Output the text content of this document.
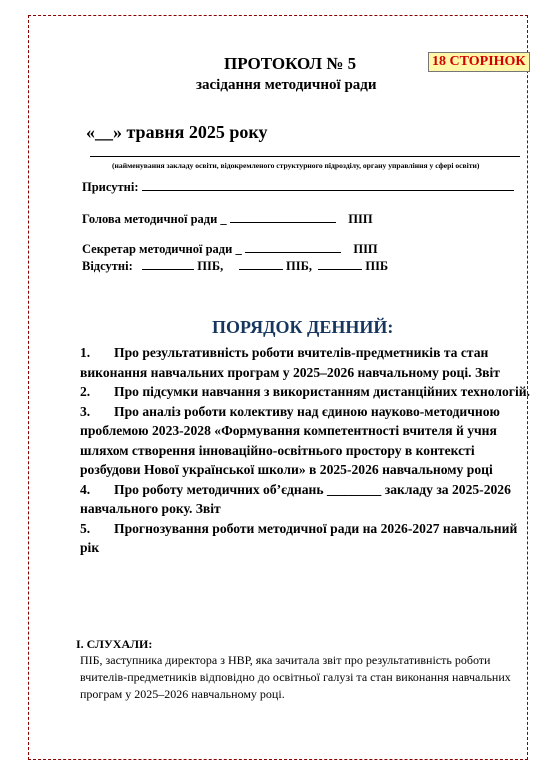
ПРОТОКОЛ № 5	18 СТОРІНОК
засідання методичної ради
«__» травня 2025 року
(найменування закладу освіти, відокремленого структурного підрозділу, органу управління у сфері освіти)
Присутні:
Голова методичної ради _	ПІП
Секретар методичної ради _	ПІП
Відсутні:	ПІБ,	ПІБ,	ПІБ
ПОРЯДОК ДЕННИЙ:

1. Про результативність роботи вчителів-предметників та стан виконання навчальних програм у 2025–2026 навчальному році. Звіт

2. Про підсумки навчання з використанням дистанційних технологій.

3. Про аналіз роботи колективу над єдиною науково-методичною проблемою 2023-2028 «Формування компетентності вчителя й учня шляхом створення інноваційно-освітнього простору в контексті розбудови Нової української школи» в 2025-2026 навчальному році

4. Про роботу методичних об’єднань ________ закладу за 2025-2026 навчального року. Звіт

5. Прогнозування роботи методичної ради на 2026-2027 навчальний рік

І. СЛУХАЛИ:
ПІБ, заступника директора з НВР, яка зачитала звіт про результативність роботи вчителів-предметників відповідно до освітньої галузі та стан виконання навчальних програм у 2025–2026 навчальному році.
